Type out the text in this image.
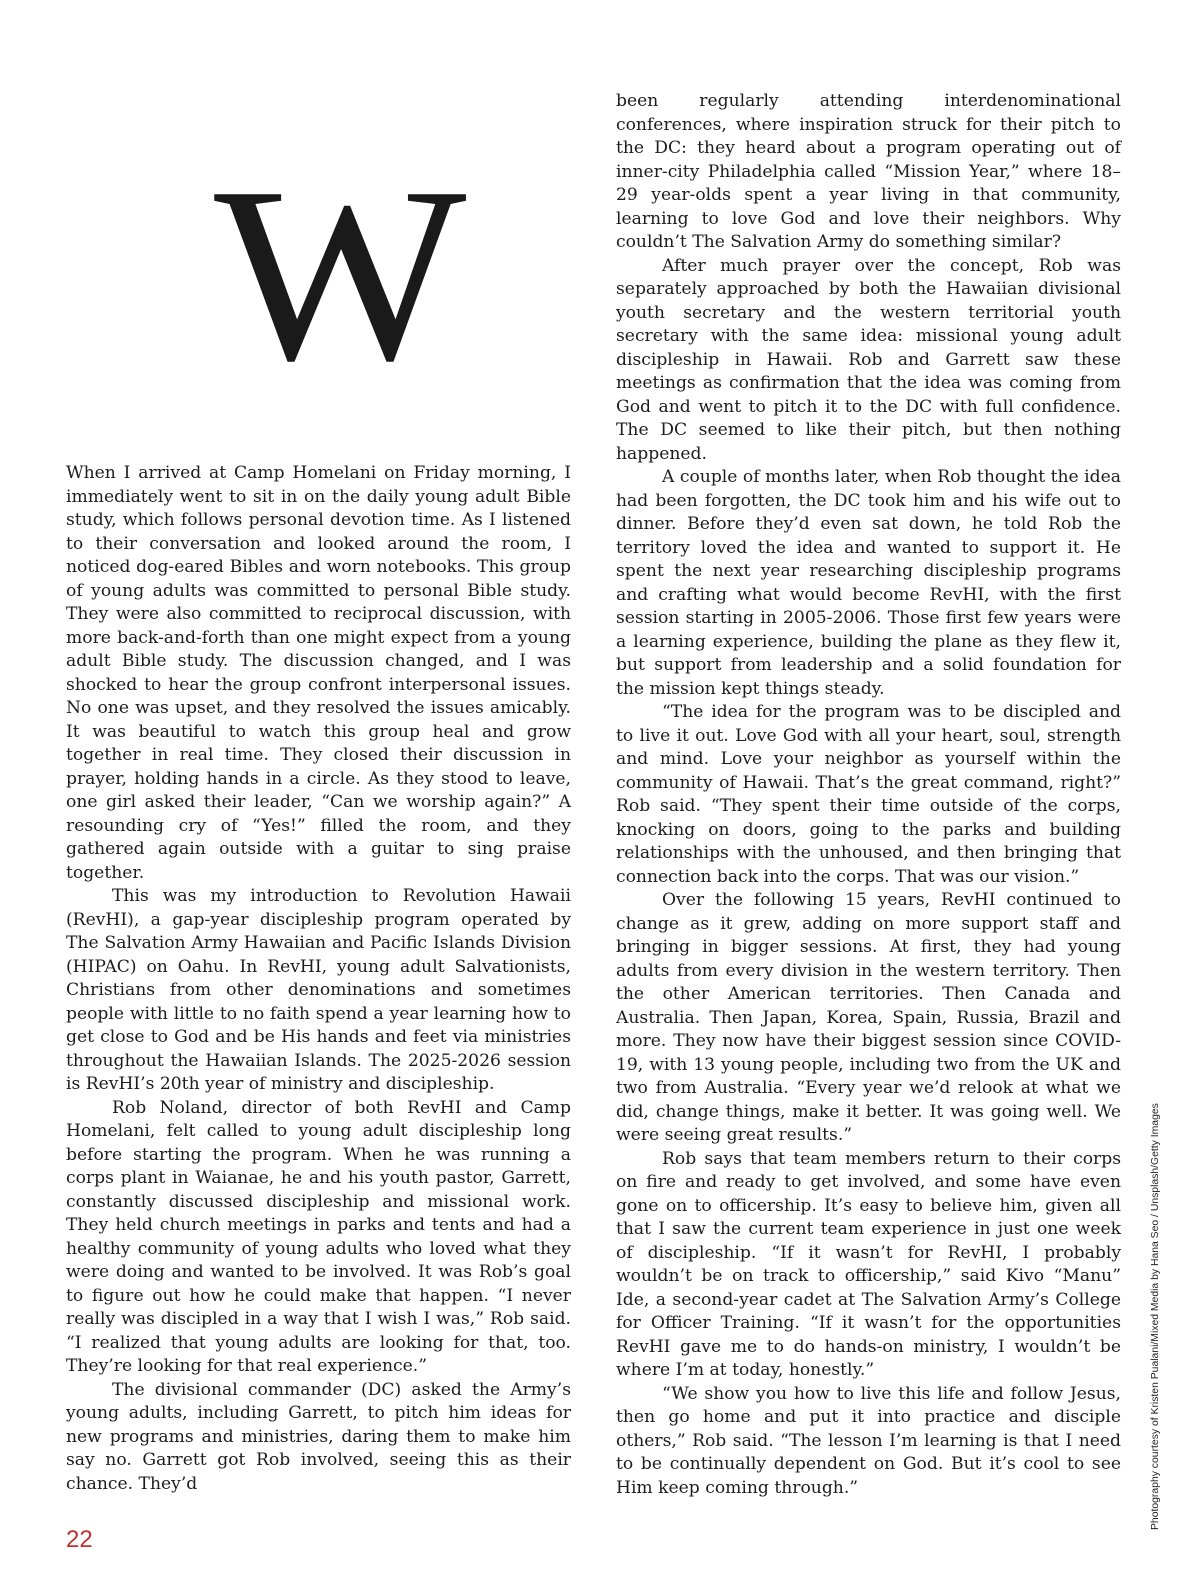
W

When I arrived at Camp Homelani on Friday morning, I immediately went to sit in on the daily young adult Bible study, which follows personal devotion time. As I listened to their conversation and looked around the room, I noticed dog-eared Bibles and worn notebooks. This group of young adults was committed to personal Bible study. They were also committed to reciprocal discussion, with more back-and-forth than one might expect from a young adult Bible study. The discussion changed, and I was shocked to hear the group confront interpersonal issues. No one was upset, and they resolved the issues amicably. It was beautiful to watch this group heal and grow together in real time. They closed their discussion in prayer, holding hands in a circle. As they stood to leave, one girl asked their leader, “Can we worship again?” A resounding cry of “Yes!” filled the room, and they gathered again outside with a guitar to sing praise together.

This was my introduction to Revolution Hawaii (RevHI), a gap-year discipleship program operated by The Salvation Army Hawaiian and Pacific Islands Division (HIPAC) on Oahu. In RevHI, young adult Salvationists, Christians from other denominations and sometimes people with little to no faith spend a year learning how to get close to God and be His hands and feet via ministries throughout the Hawaiian Islands. The 2025-2026 session is RevHI’s 20th year of ministry and discipleship.

Rob Noland, director of both RevHI and Camp Homelani, felt called to young adult discipleship long before starting the program. When he was running a corps plant in Waianae, he and his youth pastor, Garrett, constantly discussed discipleship and missional work. They held church meetings in parks and tents and had a healthy community of young adults who loved what they were doing and wanted to be involved. It was Rob’s goal to figure out how he could make that happen. “I never really was discipled in a way that I wish I was,” Rob said. “I realized that young adults are looking for that, too. They’re looking for that real experience.”

The divisional commander (DC) asked the Army’s young adults, including Garrett, to pitch him ideas for new programs and ministries, daring them to make him say no. Garrett got Rob involved, seeing this as their chance. They’d

been regularly attending interdenominational conferences, where inspiration struck for their pitch to the DC: they heard about a program operating out of inner-city Philadelphia called “Mission Year,” where 18–29 year-olds spent a year living in that community, learning to love God and love their neighbors. Why couldn’t The Salvation Army do something similar?

After much prayer over the concept, Rob was separately approached by both the Hawaiian divisional youth secretary and the western territorial youth secretary with the same idea: missional young adult discipleship in Hawaii. Rob and Garrett saw these meetings as confirmation that the idea was coming from God and went to pitch it to the DC with full confidence. The DC seemed to like their pitch, but then nothing happened.

A couple of months later, when Rob thought the idea had been forgotten, the DC took him and his wife out to dinner. Before they’d even sat down, he told Rob the territory loved the idea and wanted to support it. He spent the next year researching discipleship programs and crafting what would become RevHI, with the first session starting in 2005-2006. Those first few years were a learning experience, building the plane as they flew it, but support from leadership and a solid foundation for the mission kept things steady.

“The idea for the program was to be discipled and to live it out. Love God with all your heart, soul, strength and mind. Love your neighbor as yourself within the community of Hawaii. That’s the great command, right?” Rob said. “They spent their time outside of the corps, knocking on doors, going to the parks and building relationships with the unhoused, and then bringing that connection back into the corps. That was our vision.”

Over the following 15 years, RevHI continued to change as it grew, adding on more support staff and bringing in bigger sessions. At first, they had young adults from every division in the western territory. Then the other American territories. Then Canada and Australia. Then Japan, Korea, Spain, Russia, Brazil and more. They now have their biggest session since COVID-19, with 13 young people, including two from the UK and two from Australia. “Every year we’d relook at what we did, change things, make it better. It was going well. We were seeing great results.”

Rob says that team members return to their corps on fire and ready to get involved, and some have even gone on to officership. It’s easy to believe him, given all that I saw the current team experience in just one week of discipleship. “If it wasn’t for RevHI, I probably wouldn’t be on track to officership,” said Kivo “Manu” Ide, a second-year cadet at The Salvation Army’s College for Officer Training. “If it wasn’t for the opportunities RevHI gave me to do hands-on ministry, I wouldn’t be where I’m at today, honestly.”

“We show you how to live this life and follow Jesus, then go home and put it into practice and disciple others,” Rob said. “The lesson I’m learning is that I need to be continually dependent on God. But it’s cool to see Him keep coming through.”

22
Photography courtesy of Kristen Pualani/Mixed Media by Hana Seo / Unsplash/Getty Images
